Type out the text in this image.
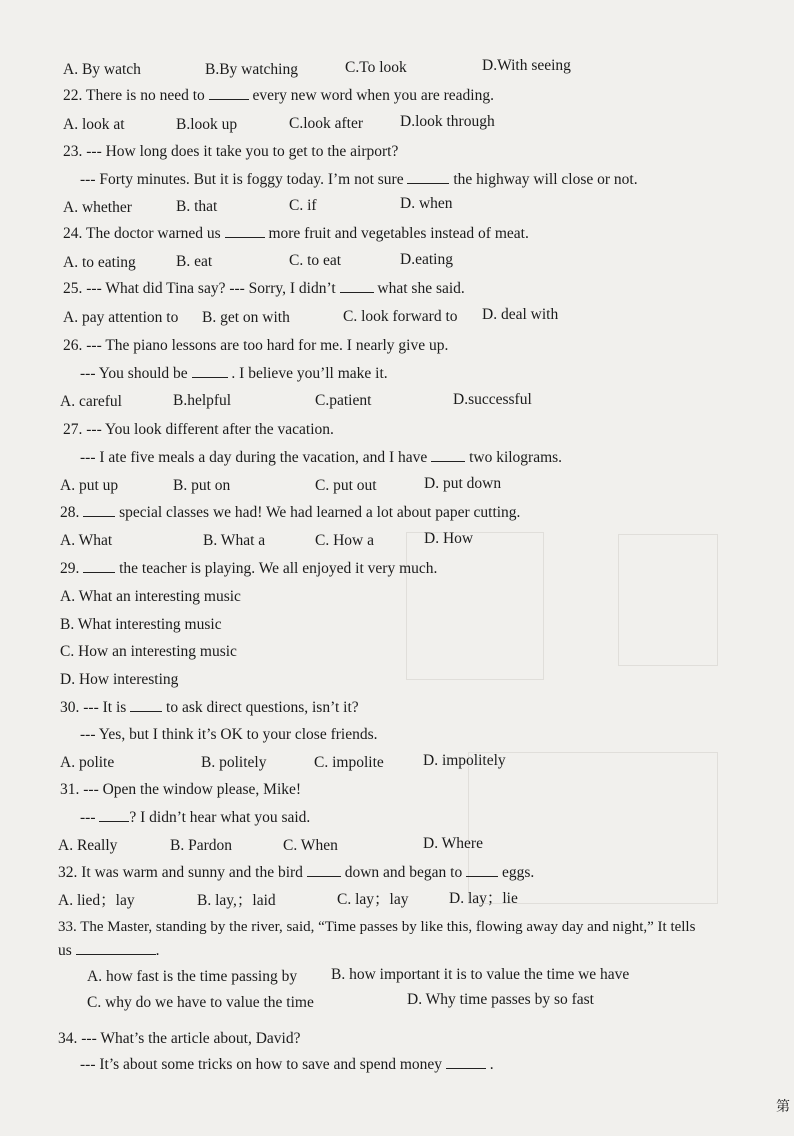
A. By watch	B.By watching	C.To look	D.With seeing
22. There is no need to	every new word when you are reading.
A. look at	B.look up	C.look after D.look through
23. --- How long does it take you to get to the airport?
--- Forty minutes. But it is foggy today. I’m not sure	the highway will close or not.
A. whether	B. that	C. if	D. when
24. The doctor warned us	more fruit and vegetables instead of meat.
A. to eating	B. eat	C. to eat	D.eating
25. --- What did Tina say? --- Sorry, I didn’t  what she said.
A. pay attention to B. get on with	C. look forward to D. deal with
26. --- The piano lessons are too hard for me. I nearly give up.
--- You should be  . I believe you’ll make it.
A. careful	B.helpful	C.patient	D.successful
27. --- You look different after the vacation.
--- I ate five meals a day during the vacation, and I have  two kilograms.
A. put up	B. put on	C. put out	D. put down
28.  special classes we had! We had learned a lot about paper cutting.
A. What	B. What a	C. How a	D. How
29.  the teacher is playing. We all enjoyed it very much.
A. What an interesting music
B. What interesting music
C. How an interesting music
D. How interesting
30. --- It is  to ask direct questions, isn’t it?
--- Yes, but I think it’s OK to your close friends.
A. polite	B. politely	C. impolite	D. impolitely
31. --- Open the window please, Mike!
--- ? I didn’t hear what you said.
A. Really	B. Pardon	C. When	D. Where
32. It was warm and sunny and the bird  down and began to  eggs.
A. lied；lay	B. lay,；laid	C. lay；lay	D. lay；lie
33. The Master, standing by the river, said, “Time passes by like this, flowing away day and night,” It tells
us	.
A. how fast is the time passing by B. how important it is to value the time we have
C. why do we have to value the time	D. Why time passes by so fast
34. --- What’s the article about, David?
--- It’s about some tricks on how to save and spend money	.
第
